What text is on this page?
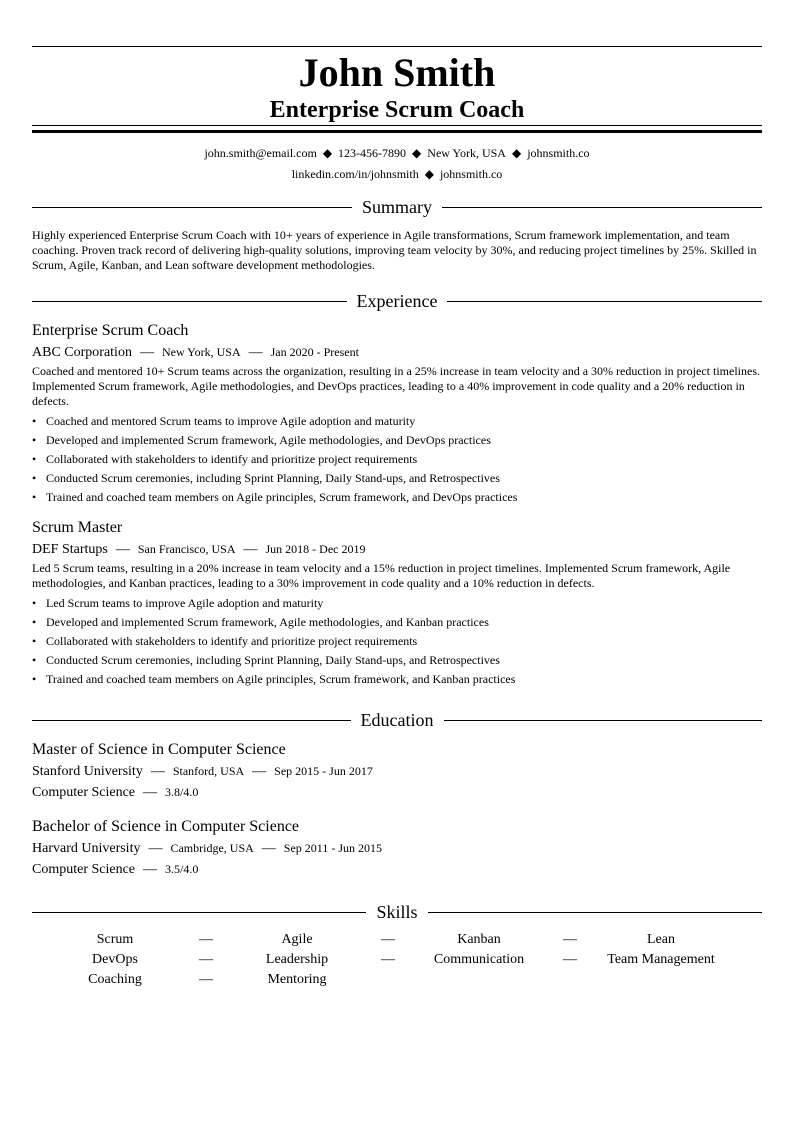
John Smith
Enterprise Scrum Coach
john.smith@email.com ◆ 123-456-7890 ◆ New York, USA ◆ johnsmith.co
linkedin.com/in/johnsmith ◆ johnsmith.co
Summary
Highly experienced Enterprise Scrum Coach with 10+ years of experience in Agile transformations, Scrum framework implementation, and team coaching. Proven track record of delivering high-quality solutions, improving team velocity by 30%, and reducing project timelines by 25%. Skilled in Scrum, Agile, Kanban, and Lean software development methodologies.
Experience
Enterprise Scrum Coach
ABC Corporation — New York, USA — Jan 2020 - Present
Coached and mentored 10+ Scrum teams across the organization, resulting in a 25% increase in team velocity and a 30% reduction in project timelines. Implemented Scrum framework, Agile methodologies, and DevOps practices, leading to a 40% improvement in code quality and a 20% reduction in defects.
• Coached and mentored Scrum teams to improve Agile adoption and maturity
• Developed and implemented Scrum framework, Agile methodologies, and DevOps practices
• Collaborated with stakeholders to identify and prioritize project requirements
• Conducted Scrum ceremonies, including Sprint Planning, Daily Stand-ups, and Retrospectives
• Trained and coached team members on Agile principles, Scrum framework, and DevOps practices
Scrum Master
DEF Startups — San Francisco, USA — Jun 2018 - Dec 2019
Led 5 Scrum teams, resulting in a 20% increase in team velocity and a 15% reduction in project timelines. Implemented Scrum framework, Agile methodologies, and Kanban practices, leading to a 30% improvement in code quality and a 10% reduction in defects.
• Led Scrum teams to improve Agile adoption and maturity
• Developed and implemented Scrum framework, Agile methodologies, and Kanban practices
• Collaborated with stakeholders to identify and prioritize project requirements
• Conducted Scrum ceremonies, including Sprint Planning, Daily Stand-ups, and Retrospectives
• Trained and coached team members on Agile principles, Scrum framework, and Kanban practices
Education
Master of Science in Computer Science
Stanford University — Stanford, USA — Sep 2015 - Jun 2017
Computer Science — 3.8/4.0
Bachelor of Science in Computer Science
Harvard University — Cambridge, USA — Sep 2011 - Jun 2015
Computer Science — 3.5/4.0
Skills
Scrum	—	Agile	—	Kanban	—	Lean
DevOps	—	Leadership	—	Communication	—	Team Management
Coaching	—	Mentoring
